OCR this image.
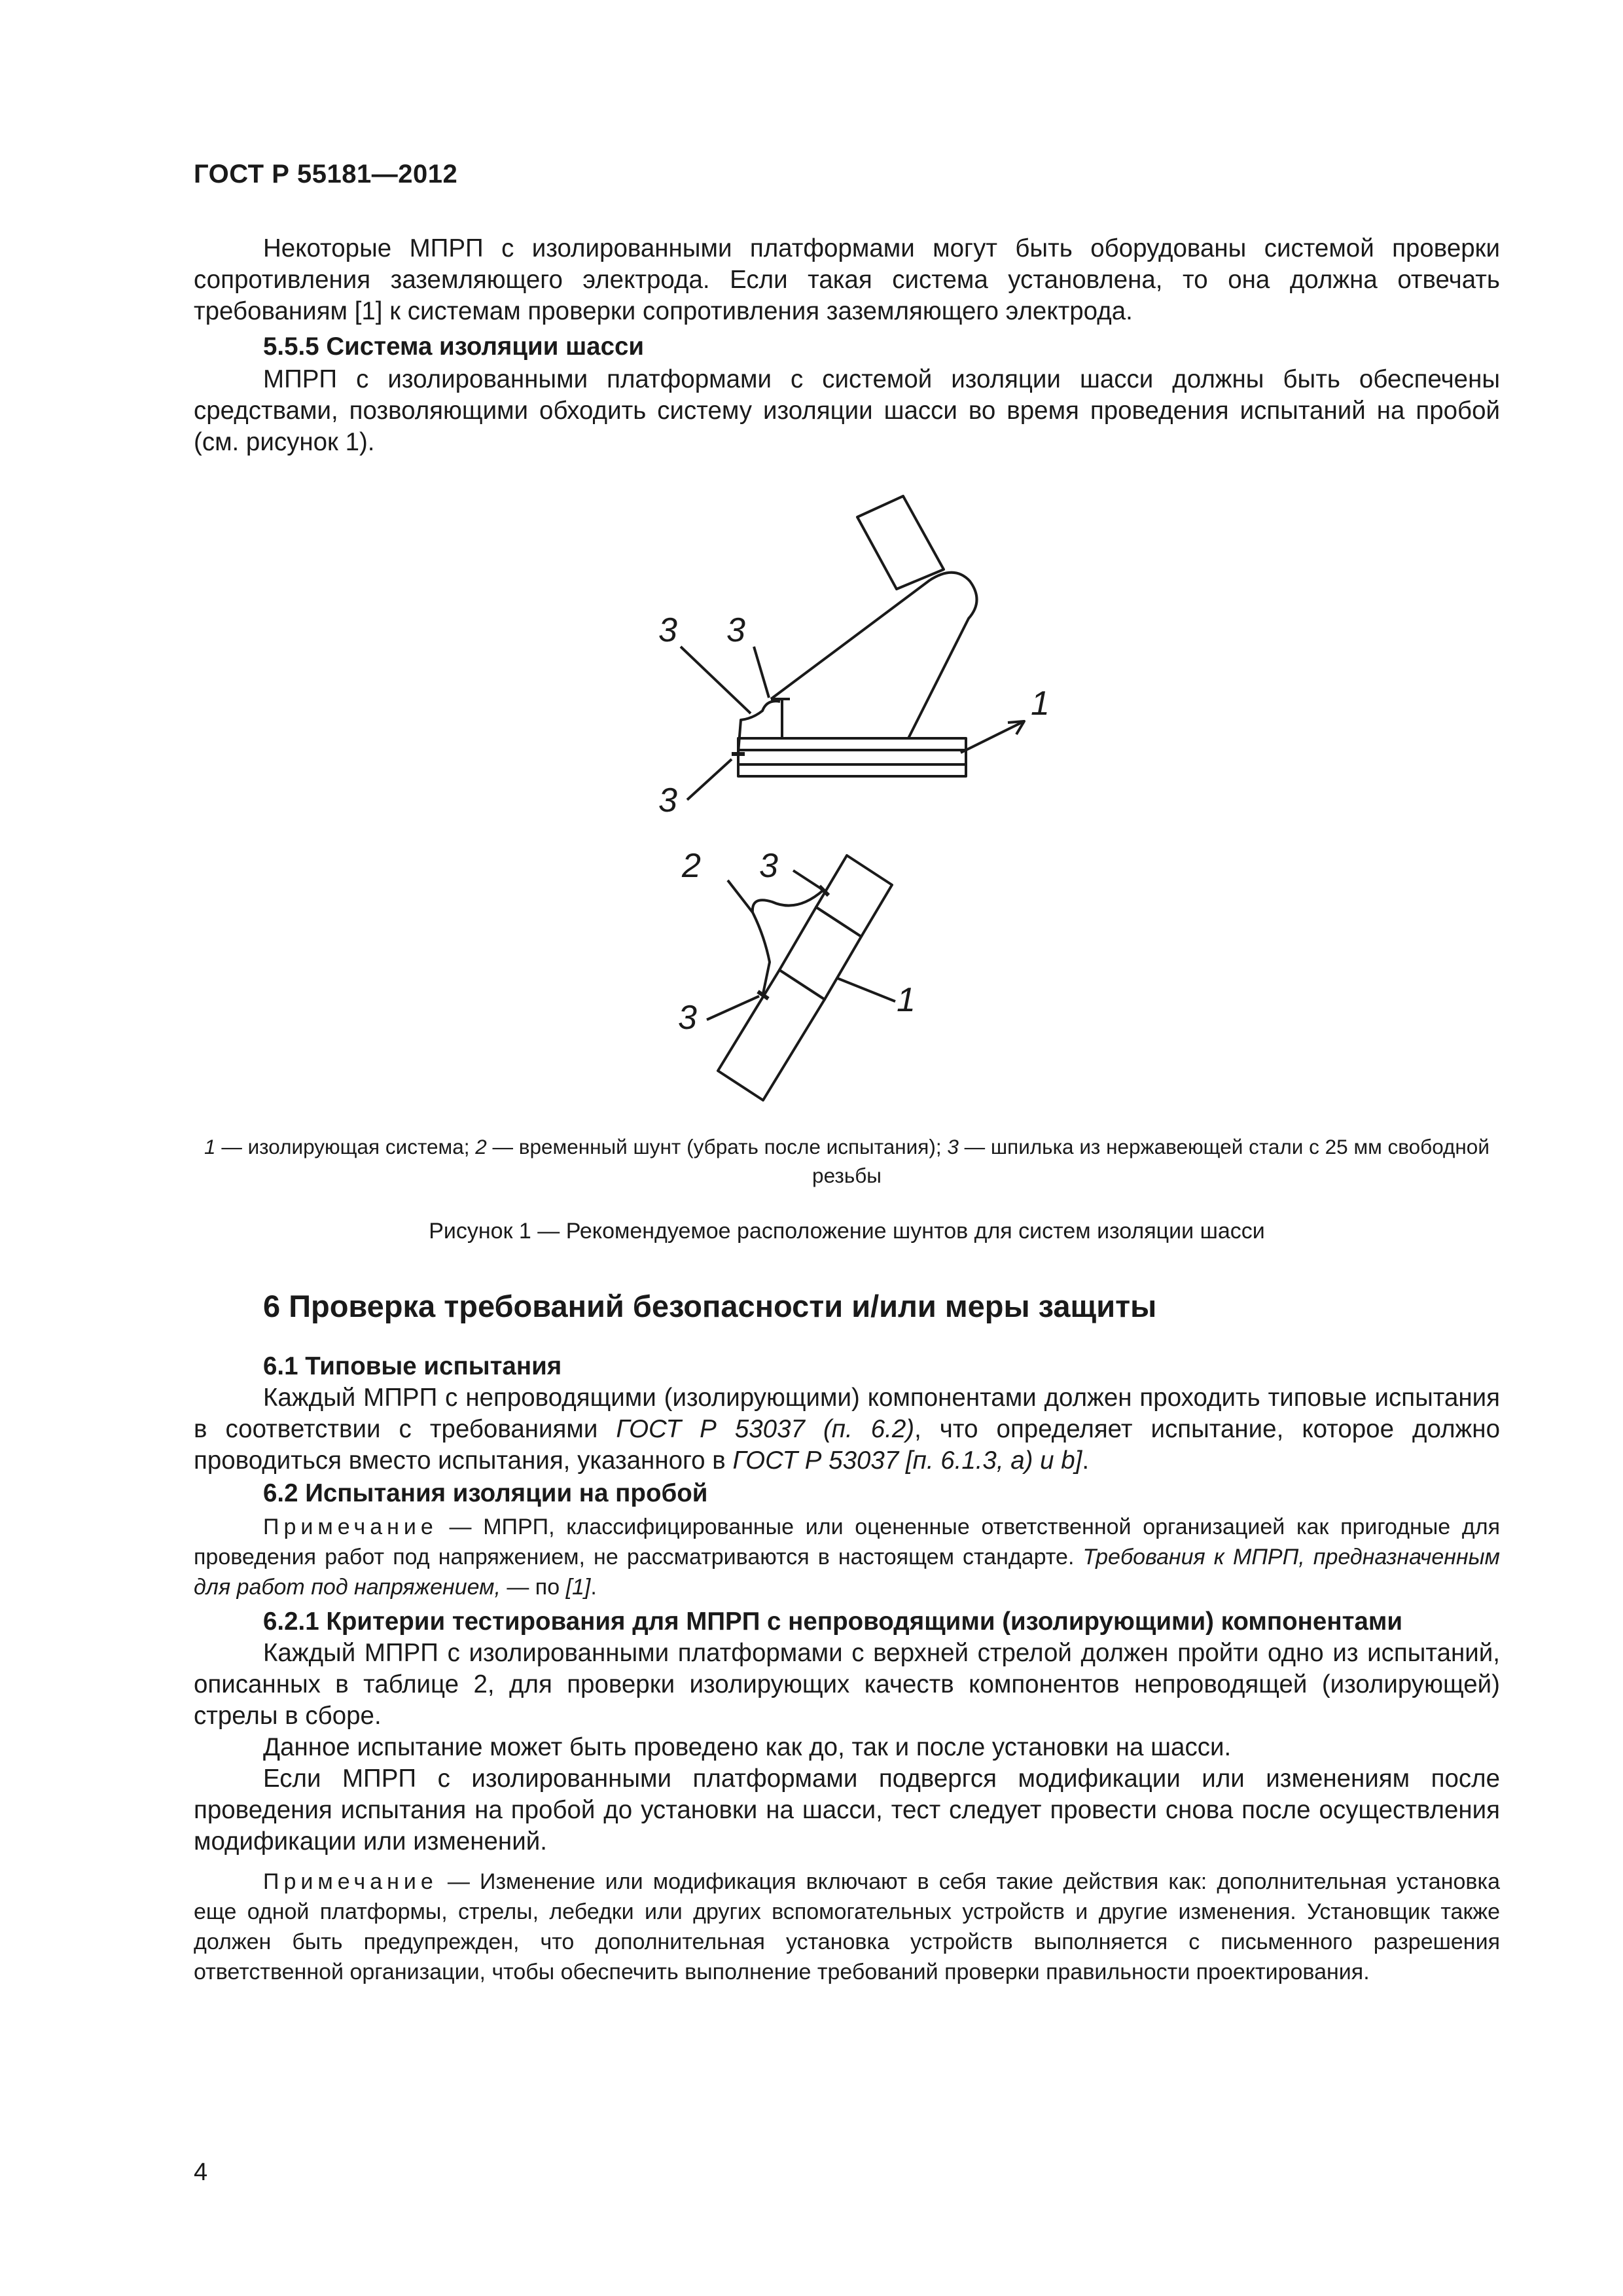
ГОСТ Р 55181—2012

Некоторые МПРП с изолированными платформами могут быть оборудованы системой проверки сопротивления заземляющего электрода. Если такая система установлена, то она должна отвечать требованиям [1] к системам проверки сопротивления заземляющего электрода.

5.5.5 Система изоляции шасси

МПРП с изолированными платформами с системой изоляции шасси должны быть обеспечены средствами, позволяющими обходить систему изоляции шасси во время проведения испытаний на пробой (см. рисунок 1).

3 3
1
3
2 3
1
3
1 — изолирующая система; 2 — временный шунт (убрать после испытания); 3 — шпилька из нержавеющей стали с 25 мм свободной резьбы
Рисунок 1 — Рекомендуемое расположение шунтов для систем изоляции шасси

6 Проверка требований безопасности и/или меры защиты

6.1 Типовые испытания

Каждый МПРП с непроводящими (изолирующими) компонентами должен проходить типовые испытания в соответствии с требованиями ГОСТ Р 53037 (п. 6.2), что определяет испытание, которое должно проводиться вместо испытания, указанного в ГОСТ Р 53037 [п. 6.1.3, а) и b].

6.2 Испытания изоляции на пробой

Примечание — МПРП, классифицированные или оцененные ответственной организацией как пригодные для проведения работ под напряжением, не рассматриваются в настоящем стандарте. Требования к МПРП, предназначенным для работ под напряжением, — по [1].

6.2.1 Критерии тестирования для МПРП с непроводящими (изолирующими) компонентами

Каждый МПРП с изолированными платформами с верхней стрелой должен пройти одно из испытаний, описанных в таблице 2, для проверки изолирующих качеств компонентов непроводящей (изолирующей) стрелы в сборе.

Данное испытание может быть проведено как до, так и после установки на шасси.

Если МПРП с изолированными платформами подвергся модификации или изменениям после проведения испытания на пробой до установки на шасси, тест следует провести снова после осуществления модификации или изменений.

Примечание — Изменение или модификация включают в себя такие действия как: дополнительная установка еще одной платформы, стрелы, лебедки или других вспомогательных устройств и другие изменения. Установщик также должен быть предупрежден, что дополнительная установка устройств выполняется с письменного разрешения ответственной организации, чтобы обеспечить выполнение требований проверки правильности проектирования.

4
